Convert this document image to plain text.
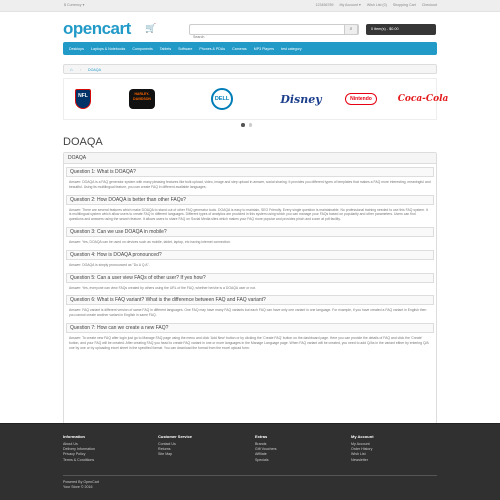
$ Currency ▾	123456789 My Account ▾ Wish List (0) Shopping Cart Checkout
opencart 🛒
Search	⌕	0 item(s) - $0.00
Desktops Laptops & Notebooks Components Tablets Software Phones & PDAs Cameras MP3 Players test category
⌂ › DOAQA
NFL	HARLEY-DAVIDSON	DELL	Disney	Nintendo	Coca-Cola
DOAQA
DOAQA
Question 1: What is DOAQA?
Answer: DOAQA is a FAQ generator system with many pleasing features like bulk upload, video, image and step upload in answer, social sharing. It provides you different types of templates that makes a FAQ more interesting, meaningful and beautiful. Using its multilingual feature, you can create FAQ in different available languages.
Question 2: How DOAQA is better than other FAQs?
Answer: There are several features which make DOAQA to stand out of other FAQ generator tools. DOAQA is easy to maintain, SEO Friendly. Every single question is maintainable. No professional training needed to use this FAQ system. It is multilingual system which allow users to create FAQ in different languages. Different types of analytics are provided in this system using which you can manage your FAQs based on popularity and other parameters. Users can find questions and answers using the search feature. It allows users to share FAQ on Social Media sites which makes your FAQ more popular and provides pinch and zoom at pdf facility.
Question 3: Can we use DOAQA in mobile?
Answer: Yes, DOAQA can be used on devices such as mobile, tablet, laptop, etc having internet connection.
Question 4: How is DOAQA pronounced?
Answer: DOAQA is simply pronounced as "Do A Q A".
Question 5: Can a user view FAQs of other user? If yes how?
Answer: Yes, everyone can view FAQs created by others using the URL of the FAQ, whether he/she is a DOAQA user or not.
Question 6: What is FAQ variant? What is the difference between FAQ and FAQ variant?
Answer: FAQ variant is different version of same FAQ in different languages. One FAQ may have many FAQ variants but each FAQ can have only one variant in one language. For example, if you have created a FAQ variant in English then you cannot create another variant in English in same FAQ.
Question 7: How can we create a new FAQ?
Answer: To create new FAQ after login just go to Manage FAQ page using the menu and click 'Add New' button or by clicking the 'Create FAQ' button on the dashboard page. Here you can provide the details of FAQ and click the 'Create' button, and your FAQ will be created. After creating FAQ you head to create FAQ variant in one or more languages in the Manage Language page. When FAQ variant will be created, you need to add Q/As in the variant either by entering Q/A one by one or by uploading excel sheet in the specified format. You can download the format from the excel upload form.
Information
About Us
Delivery Information
Privacy Policy
Terms & Conditions
Customer Service
Contact Us
Returns
Site Map
Extras
Brands
Gift Vouchers
Affiliate
Specials
My Account
My Account
Order History
Wish List
Newsletter
Powered By OpenCart
Your Store © 2016
